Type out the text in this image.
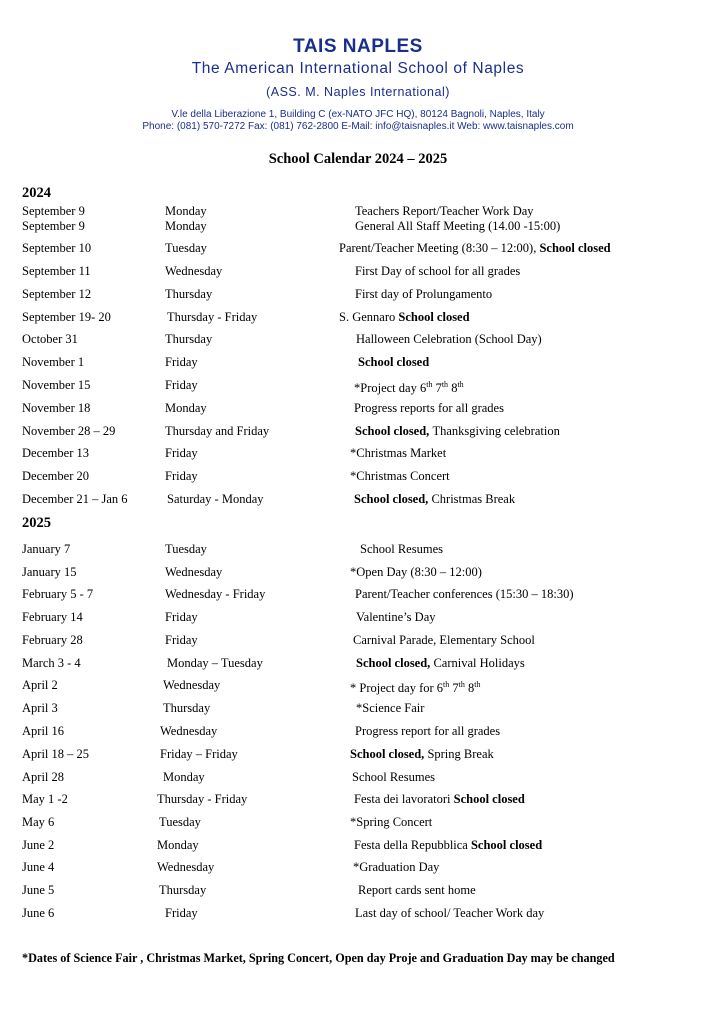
TAIS NAPLES
The American International School of Naples
(ASS. M. Naples International)
V.le della Liberazione 1, Building C (ex-NATO JFC HQ), 80124 Bagnoli, Naples, Italy
Phone: (081) 570-7272 Fax: (081) 762-2800 E-Mail: info@taisnaples.it Web: www.taisnaples.com
School Calendar 2024 – 2025
2024
September 9	Monday	Teachers Report/Teacher Work Day
September 9	Monday	General All Staff Meeting (14.00 -15:00)
September 10	Tuesday	Parent/Teacher Meeting (8:30 – 12:00), School closed
September 11	Wednesday	First Day of school for all grades
September 12	Thursday	First day of Prolungamento
September 19- 20	Thursday - Friday	S. Gennaro School closed
October 31	Thursday	Halloween Celebration (School Day)
November 1	Friday	School closed
November 15	Friday	*Project day 6th 7th 8th
November 18	Monday	Progress reports for all grades
November 28 – 29	Thursday and Friday	School closed, Thanksgiving celebration
December 13	Friday	*Christmas Market
December 20	Friday	*Christmas Concert
December 21 – Jan 6	Saturday - Monday	School closed, Christmas Break
2025
January 7	Tuesday	School Resumes
January 15	Wednesday	*Open Day (8:30 – 12:00)
February 5 - 7	Wednesday - Friday	Parent/Teacher conferences (15:30 – 18:30)
February 14	Friday	Valentine’s Day
February 28	Friday	Carnival Parade, Elementary School
March 3 - 4	Monday – Tuesday	School closed, Carnival Holidays
April 2	Wednesday	* Project day for 6th 7th 8th
April 3	Thursday	*Science Fair
April 16	Wednesday	Progress report for all grades
April 18 – 25	Friday – Friday	School closed, Spring Break
April 28	Monday	School Resumes
May 1 -2	Thursday - Friday	Festa dei lavoratori School closed
May 6	Tuesday	*Spring Concert
June 2	Monday	Festa della Repubblica School closed
June 4	Wednesday	*Graduation Day
June 5	Thursday	Report cards sent home
June 6	Friday	Last day of school/ Teacher Work day
*Dates of Science Fair , Christmas Market, Spring Concert, Open day Proje and Graduation Day may be changed
